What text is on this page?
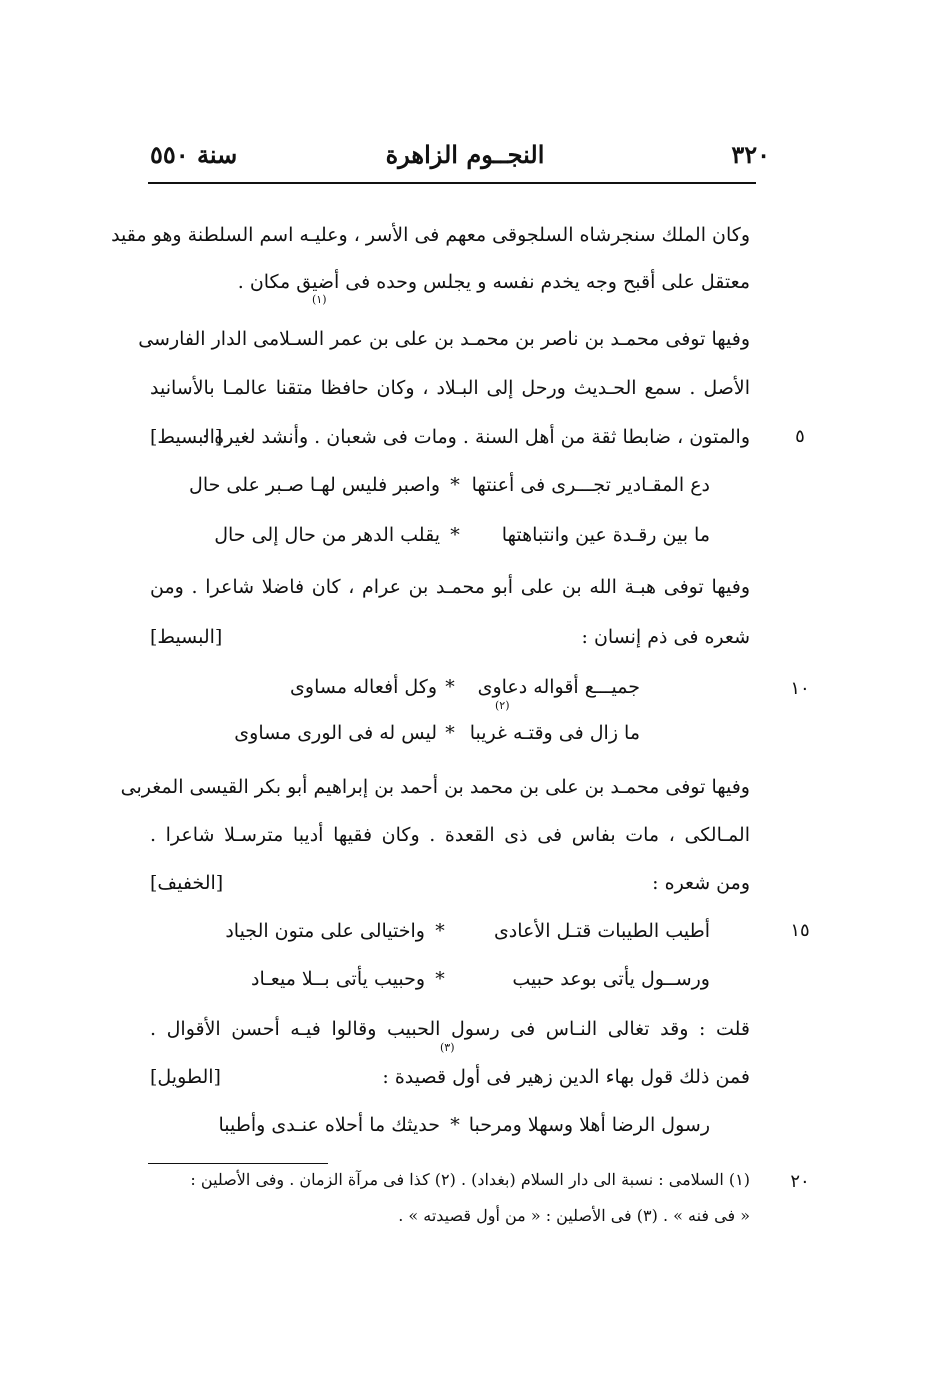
٣٢٠
النجــوم الزاهرة
سنة ٥٥٠
وكان الملك سنجرشاه السلجوقى معهم فى الأسر ، وعليـه اسم السلطنة وهو مقيد
معتقل على أقبح وجه يخدم نفسه و يجلس وحده فى أضيق مكان .
(١)
وفيها توفى محمـد بن ناصر بن محمـد بن على بن عمر السـلامى الدار الفارسى
الأصل . سمع الحـديث ورحل إلى البـلاد ، وكان حافظا متقنا عالمـا بالأسانيد
والمتون ، ضابطا ثقة من أهل السنة . ومات فى شعبان . وأنشد لغيره :
[البسيط]	٥
دع المقـادير تجـــرى فى أعنتها
*
واصبر فليس لهـا صـبر على حال
ما بين رقـدة عين وانتباهتها
*
يقلب الدهر من حال إلى حال
وفيها توفى هبـة الله بن على أبو محمـد بن عرام ، كان فاضلا شاعرا . ومن
شعره فى ذم إنسان :
[البسيط]
جميـــع أقواله دعاوى
*
وكل أفعاله مساوى	١٠
(٢)
ما زال فى وقتـه غريبا
*
ليس له فى الورى مساوى
وفيها توفى محمـد بن على بن محمد بن أحمد بن إبراهيم أبو بكر القيسى المغربى
المـالكى ، مات بفاس فى ذى القعدة . وكان فقيها أديبا مترسـلا شاعرا .
ومن شعره :
[الخفيف]
أطيب الطيبات قتـل الأعادى
*
واختيالى على متون الجياد	١٥
ورســول يأتى بوعد حبيب
*
وحبيب يأتى بــلا ميعـاد
قلت : وقد تغالى النـاس فى رسول الحبيب وقالوا فيـه أحسن الأقوال .
(٣)
فمن ذلك قول بهاء الدين زهير فى أول قصيدة :
[الطويل]
رسول الرضا أهلا وسهلا ومرحبا
*
حديثك ما أحلاه عنـدى وأطيبا
٢٠
(١) السلامى : نسبة الى دار السلام (بغداد) . (٢) كذا فى مرآة الزمان . وفى الأصلين :
« فى فنه » . (٣) فى الأصلين : « من أول قصيدته » .
